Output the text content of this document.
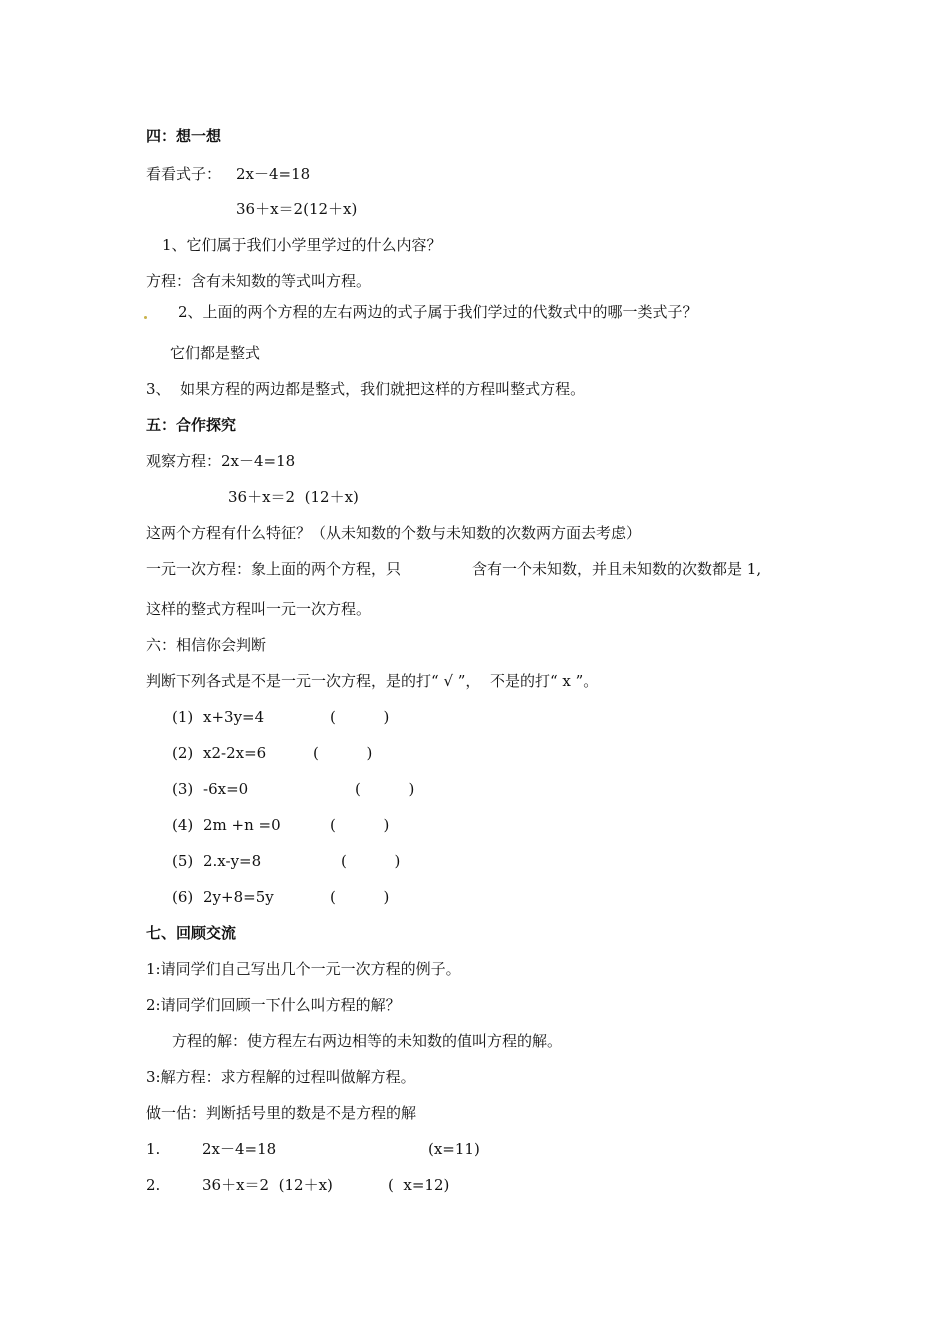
四：想一想
看看式子： 2x－4=18
36＋x＝2(12＋x)
1、它们属于我们小学里学过的什么内容？
方程：含有未知数的等式叫方程。
2、上面的两个方程的左右两边的式子属于我们学过的代数式中的哪一类式子？
它们都是整式
3、  如果方程的两边都是整式，我们就把这样的方程叫整式方程。
五：合作探究
观察方程：2x－4=18
36＋x＝2  (12＋x)
这两个方程有什么特征？（从未知数的个数与未知数的次数两方面去考虑）
一元一次方程：象上面的两个方程，只	含有一个未知数，并且未知数的次数都是 1,
这样的整式方程叫一元一次方程。
六：相信你会判断
判断下列各式是不是一元一次方程，是的打“ √ ”，  不是的打“ x ”。
(1) x+3y=4	(          )
(2) x2-2x=6	(          )
(3) -6x=0	(          )
(4) 2m +n =0	(          )
(5) 2.x-y=8	(          )
(6) 2y+8=5y	(          )
七、回顾交流
1:请同学们自己写出几个一元一次方程的例子。
2:请同学们回顾一下什么叫方程的解？
方程的解：使方程左右两边相等的未知数的值叫方程的解。
3:解方程：求方程解的过程叫做解方程。
做一估：判断括号里的数是不是方程的解
1.	2x－4=18	(x=11)
2.	36＋x＝2  (12＋x)	(  x=12)
